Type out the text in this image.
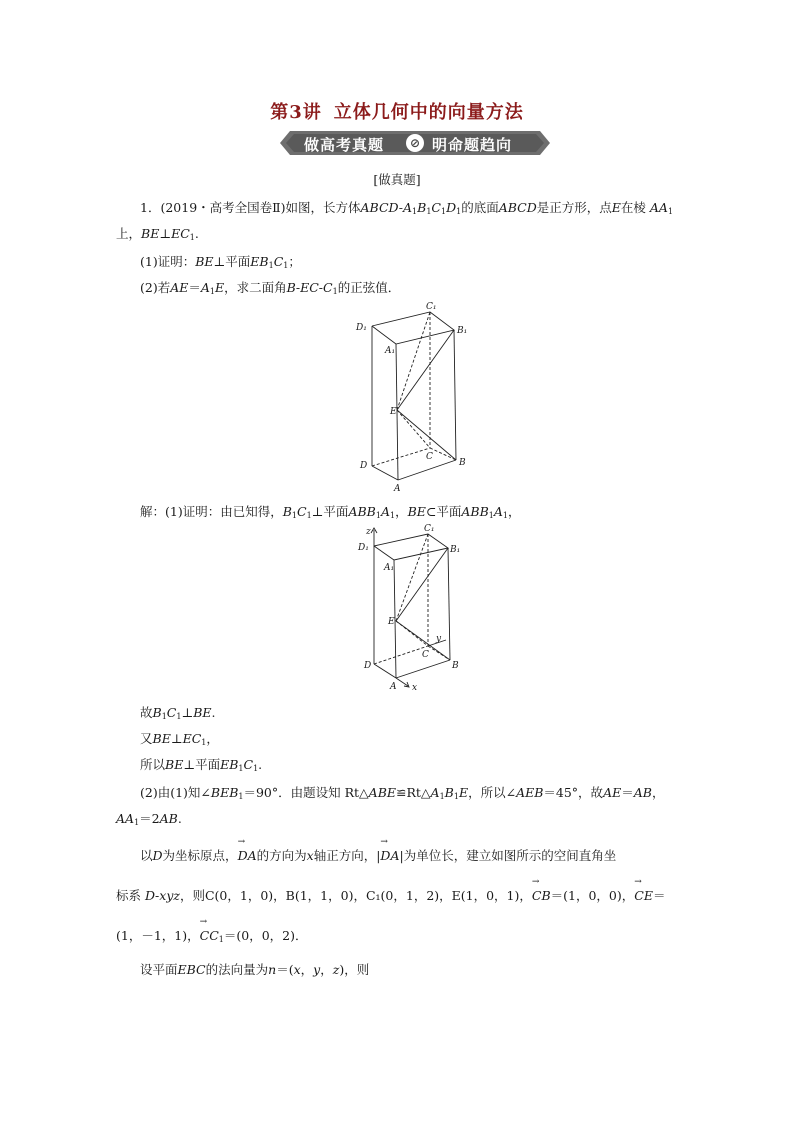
第3讲 立体几何中的向量方法
做高考真题	⊘ 明命题趋向
[做真题]
1．(2019・高考全国卷Ⅱ)如图，长方体ABCD-$A_1B_1C_1D_1$的底面ABCD是正方形，点E在棱 $AA_1$
上，$BE\perp EC_1$.
(1)证明：BE⊥平面$EB_1C_1$；
(2)若$AE=A_1E$，求二面角$B-EC-C_1$的正弦值．
D₁
C₁
B₁
A₁
E
C
D	B
A
解：(1)证明：由已知得，$B_1C_1\perp$平面$ABB_1A_1$，BE⊂平面$ABB_1A_1$，
z
D₁
C₁
B₁
A₁
E
y
C
D	B
A x
故$B_1C_1\perp BE$.
又$BE\perp EC_1$，
所以BE⊥平面$EB_1C_1$.
(2)由(1)知$\angle BEB_1=90^\circ$．由题设知 $Rt\triangle ABE≌Rt\triangle A_1B_1E$，所以∠AEB＝45°，故AE＝AB，
$AA_1=2AB$.
以D为坐标原点，→ DA的方向为x轴正方向，|→ DA|为单位长，建立如图所示的空间直角坐
标系 D-xyz，则C(0，1，0)，B(1，1，0)，C₁(0，1，2)，E(1，0，1)，→ CB＝(1，0，0)，→ CE＝
(1，－1，1)，→ $CC_1=(0$，0，2)．
设平面EBC的法向量为n＝(x，y，z)，则
